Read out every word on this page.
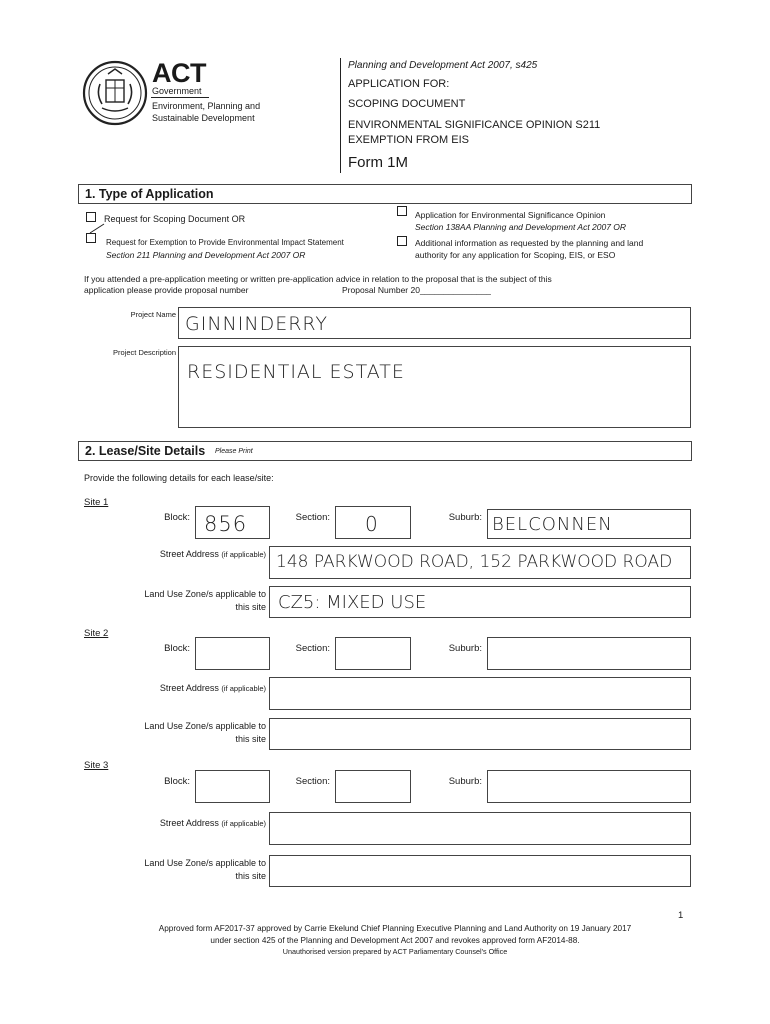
ACT
Government
Environment, Planning and
Sustainable Development
Planning and Development Act 2007, s425
APPLICATION FOR:
SCOPING DOCUMENT
ENVIRONMENTAL SIGNIFICANCE OPINION S211
EXEMPTION FROM EIS
Form 1M
1. Type of Application
Request for Scoping Document OR
Request for Exemption to Provide Environmental Impact Statement
Section 211 Planning and Development Act 2007 OR
Application for Environmental Significance Opinion
Section 138AA Planning and Development Act 2007 OR
Additional information as requested by the planning and land
authority for any application for Scoping, EIS, or ESO
If you attended a pre-application meeting or written pre-application advice in relation to the proposal that is the subject of this
application please provide proposal number	Proposal Number 20_______________
Project Name GINNINDERRY
Project Description
RESIDENTIAL ESTATE
2. Lease/Site Details Please Print
Provide the following details for each lease/site:
Site 1
Block: 856	Section: 0	Suburb: BELCONNEN
Street Address (if applicable) 148 PARKWOOD ROAD, 152 PARKWOOD ROAD
Land Use Zone/s applicable to
this site CZ5: MIXED USE
Site 2
Block:	Section:	Suburb:
Street Address (if applicable)
Land Use Zone/s applicable to
this site
Site 3
Block:	Section:	Suburb:
Street Address (if applicable)
Land Use Zone/s applicable to
this site
1
Approved form AF2017-37 approved by Carrie Ekelund Chief Planning Executive Planning and Land Authority on 19 January 2017
under section 425 of the Planning and Development Act 2007 and revokes approved form AF2014-88.
Unauthorised version prepared by ACT Parliamentary Counsel's Office
